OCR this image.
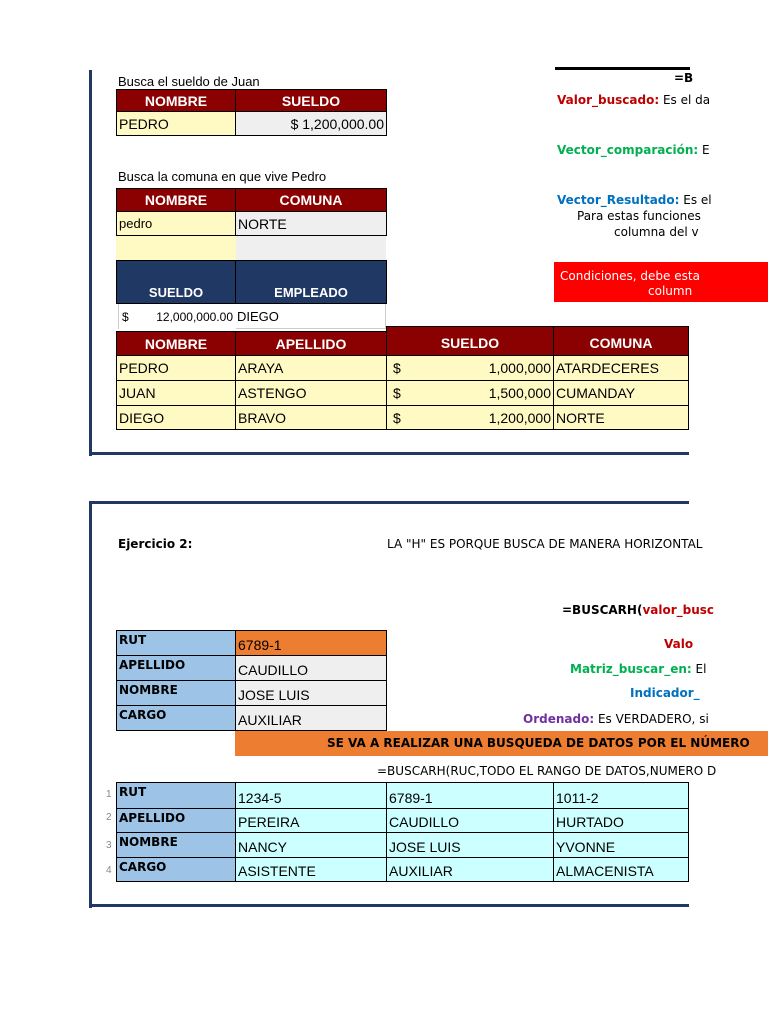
Busca el sueldo de Juan
NOMBRE	SUELDO
PEDRO	$ 1,200,000.00
Busca la comuna en que vive Pedro
NOMBRE	COMUNA
pedro	NORTE
SUELDO	EMPLEADO
$ 12,000,000.00 DIEGO
NOMBRE	APELLIDO	SUELDO	COMUNA
PEDRO	ARAYA	$	1,000,000 ATARDECERES
JUAN	ASTENGO	$	1,500,000 CUMANDAY
DIEGO	BRAVO	$	1,200,000 NORTE
=B
Valor_buscado: Es el da
Vector_comparación: E
Vector_Resultado: Es el
Para estas funciones
columna del v
Condiciones, debe esta
column
Ejercicio 2:	LA "H" ES PORQUE BUSCA DE MANERA HORIZONTAL
=BUSCARH(valor_busc
RUT	6789-1
APELLIDO	CAUDILLO
NOMBRE	JOSE LUIS
CARGO	AUXILIAR
Valo
Matriz_buscar_en: El
Indicador_
Ordenado: Es VERDADERO, si
SE VA A REALIZAR UNA BUSQUEDA DE DATOS POR EL NÚMERO
=BUSCARH(RUC,TODO EL RANGO DE DATOS,NUMERO D
1
2
3
4
RUT	1234-5	6789-1	1011-2
APELLIDO	PEREIRA	CAUDILLO	HURTADO
NOMBRE	NANCY	JOSE LUIS	YVONNE
CARGO	ASISTENTE	AUXILIAR	ALMACENISTA
